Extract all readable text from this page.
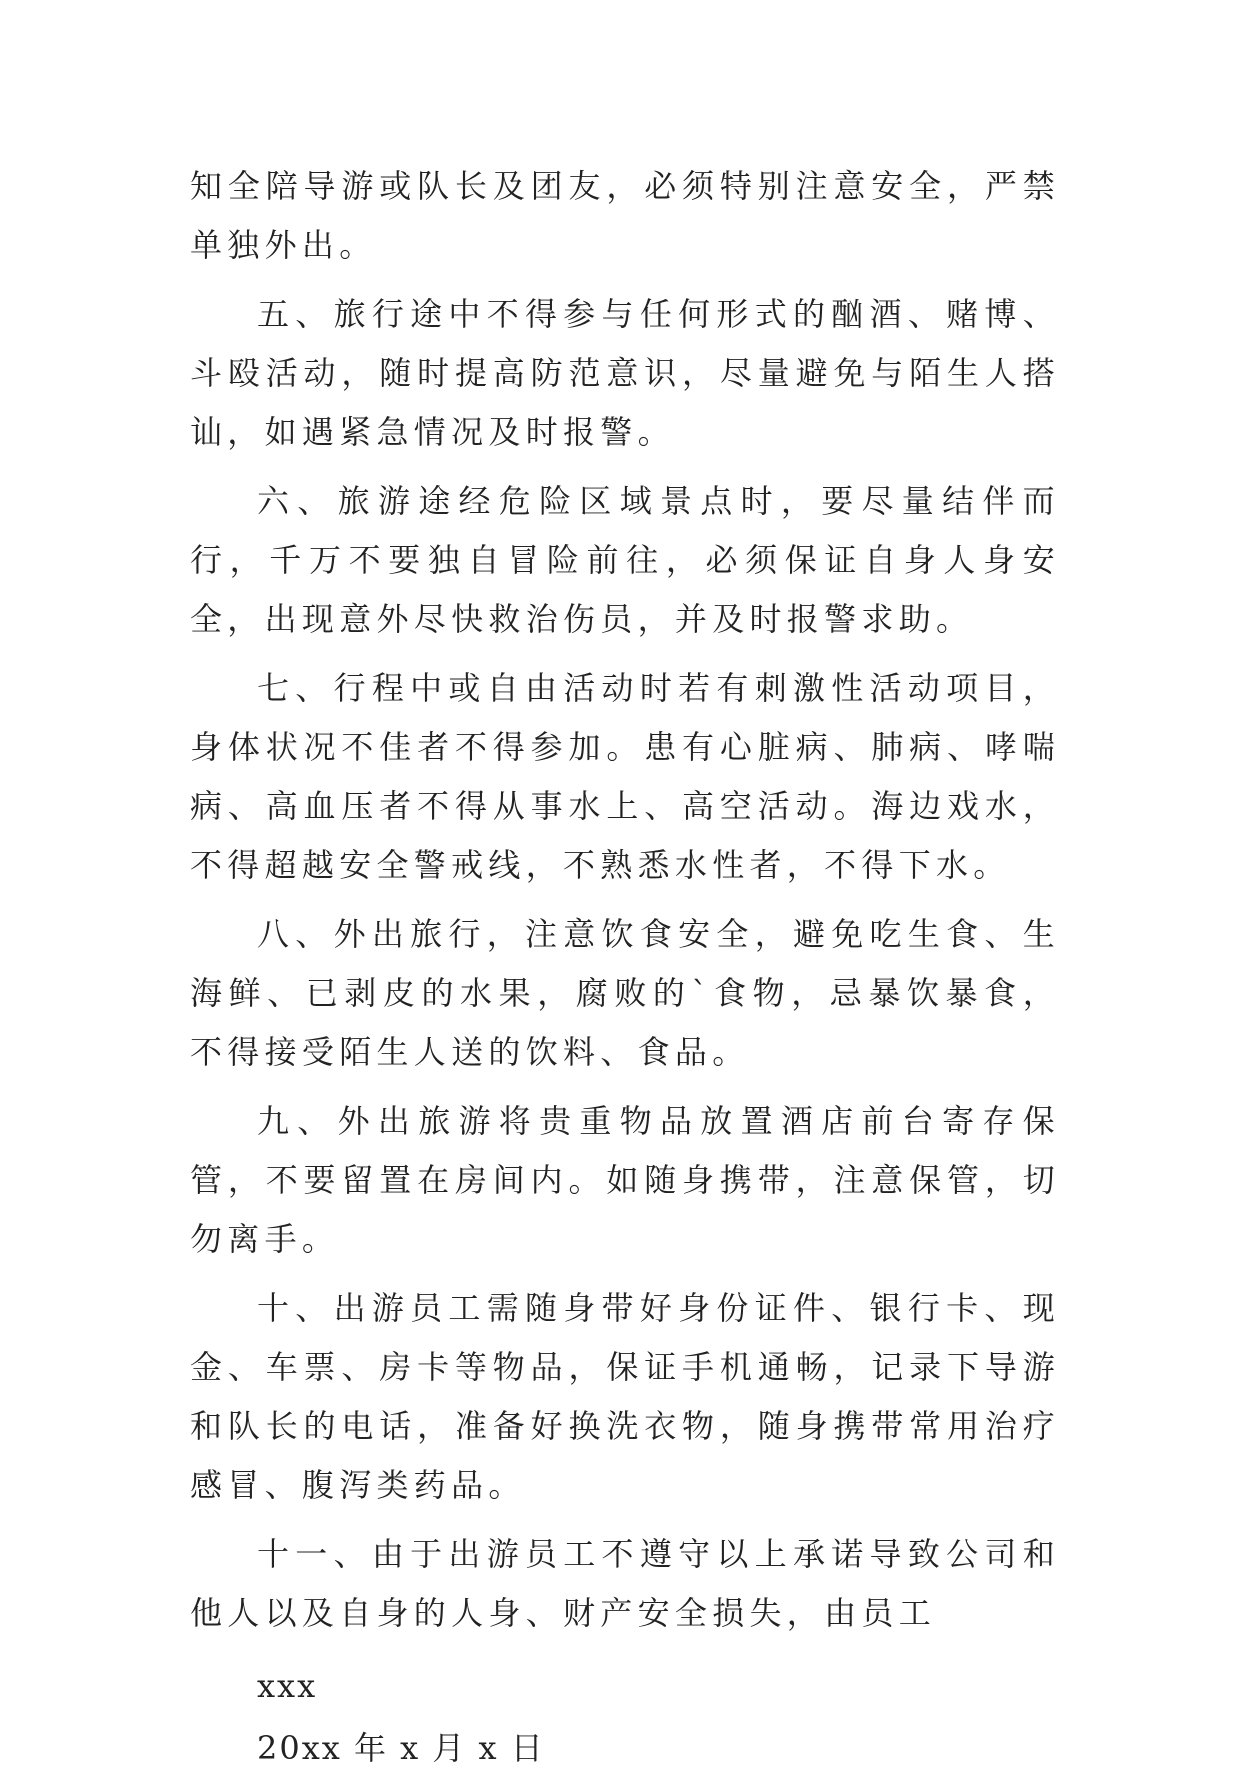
知全陪导游或队长及团友，必须特别注意安全，严禁单独外出。

五、旅行途中不得参与任何形式的酗酒、赌博、斗殴活动，随时提高防范意识，尽量避免与陌生人搭讪，如遇紧急情况及时报警。

六、旅游途经危险区域景点时，要尽量结伴而行，千万不要独自冒险前往，必须保证自身人身安全，出现意外尽快救治伤员，并及时报警求助。

七、行程中或自由活动时若有刺激性活动项目，身体状况不佳者不得参加。患有心脏病、肺病、哮喘病、高血压者不得从事水上、高空活动。海边戏水，不得超越安全警戒线，不熟悉水性者，不得下水。

八、外出旅行，注意饮食安全，避免吃生食、生海鲜、已剥皮的水果，腐败的`食物，忌暴饮暴食，不得接受陌生人送的饮料、食品。

九、外出旅游将贵重物品放置酒店前台寄存保管，不要留置在房间内。如随身携带，注意保管，切勿离手。

十、出游员工需随身带好身份证件、银行卡、现金、车票、房卡等物品，保证手机通畅，记录下导游和队长的电话，准备好换洗衣物，随身携带常用治疗感冒、腹泻类药品。

十一、由于出游员工不遵守以上承诺导致公司和他人以及自身的人身、财产安全损失，由员工

xxx
20xx 年 x 月 x 日
